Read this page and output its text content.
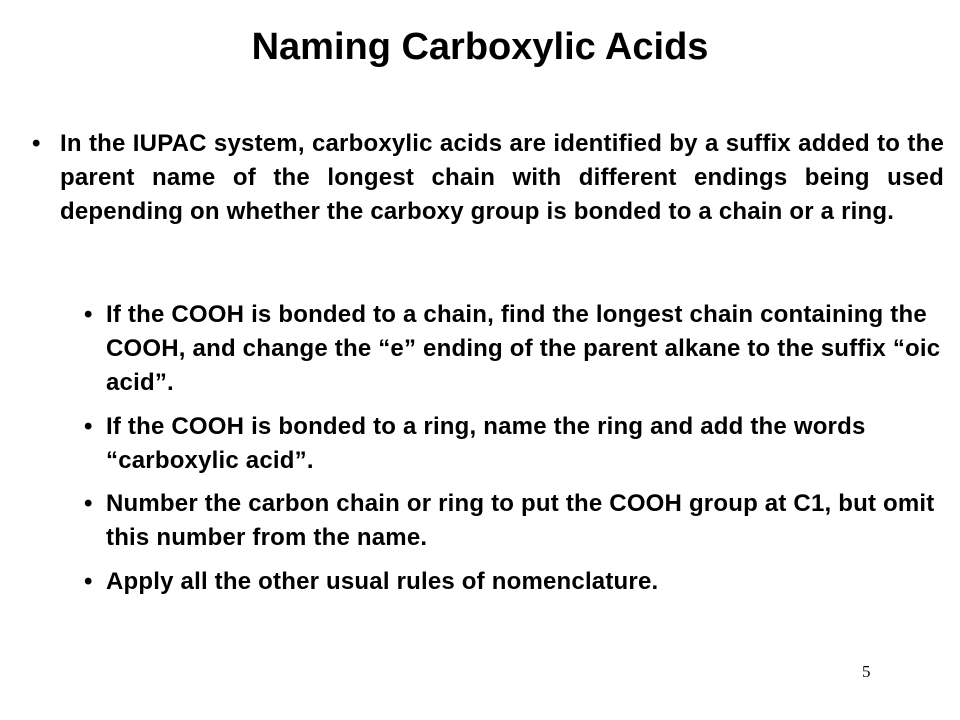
Naming Carboxylic Acids
• In the IUPAC system, carboxylic acids are identified by a suffix added to the parent name of the longest chain with different endings being used depending on whether the carboxy group is bonded to a chain or a ring.
• If the COOH is bonded to a chain, find the longest chain containing the COOH, and change the “e” ending of the parent alkane to the suffix “oic acid”.
• If the COOH is bonded to a ring, name the ring and add the words “carboxylic acid”.
• Number the carbon chain or ring to put the COOH group at C1, but omit this number from the name.
• Apply all the other usual rules of nomenclature.
5
